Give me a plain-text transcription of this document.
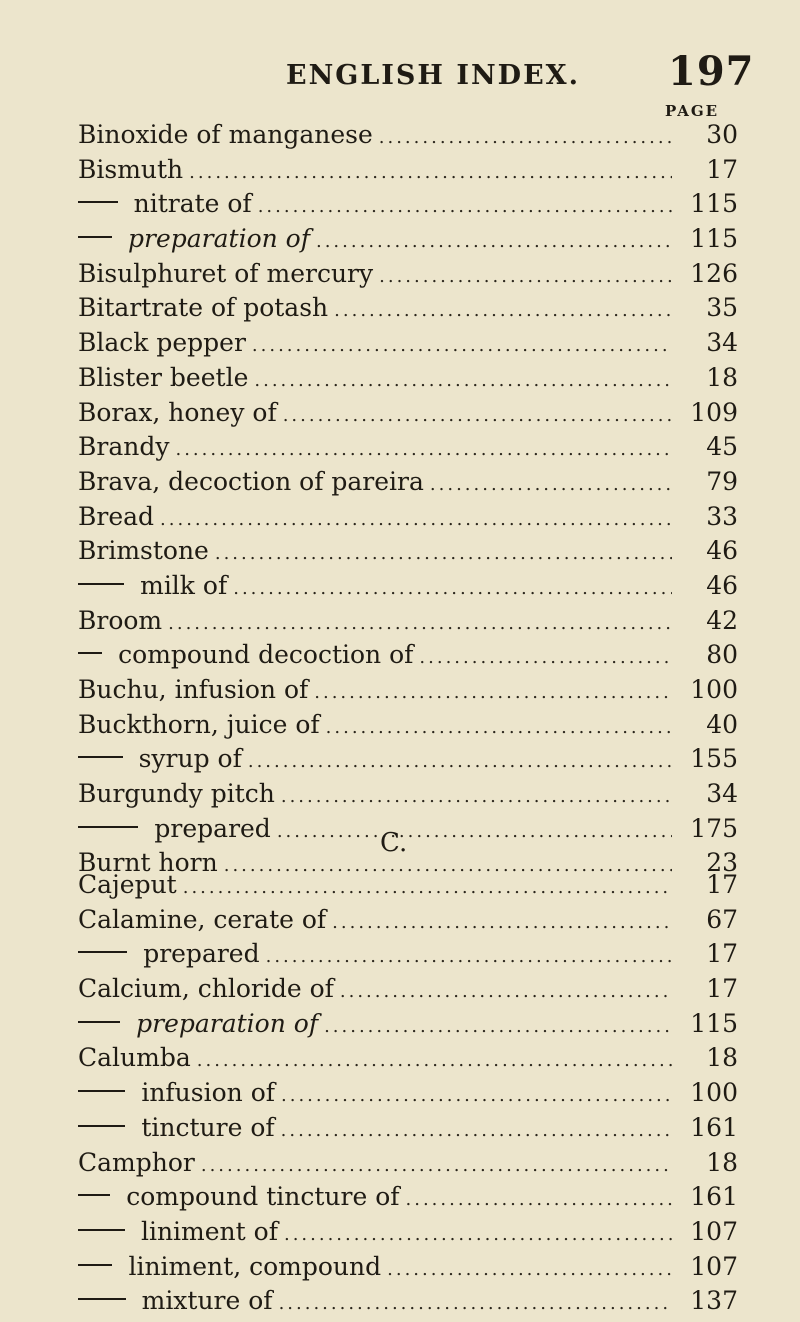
ENGLISH INDEX. 197
PAGE
Binoxide of manganese .....	30
Bismuth .....	17
nitrate of .....	115
preparation of .....	115
Bisulphuret of mercury .....	126
Bitartrate of potash .....	35
Black pepper .....	34
Blister beetle .....	18
Borax, honey of .....	109
Brandy .....	45
Brava, decoction of pareira .....	79
Bread .....	33
Brimstone .....	46
milk of .....	46
Broom .....	42
compound decoction of .....	80
Buchu, infusion of .....	100
Buckthorn, juice of .....	40
syrup of .....	155
Burgundy pitch .....	34
prepared .....	175
Burnt horn .....	23
C.
Cajeput .....	17
Calamine, cerate of .....	67
prepared .....	17
Calcium, chloride of .....	17
preparation of .....	115
Calumba .....	18
infusion of .....	100
tincture of .....	161
Camphor .....	18
compound tincture of .....	161
liniment of .....	107
liniment, compound .....	107
mixture of .....	137
